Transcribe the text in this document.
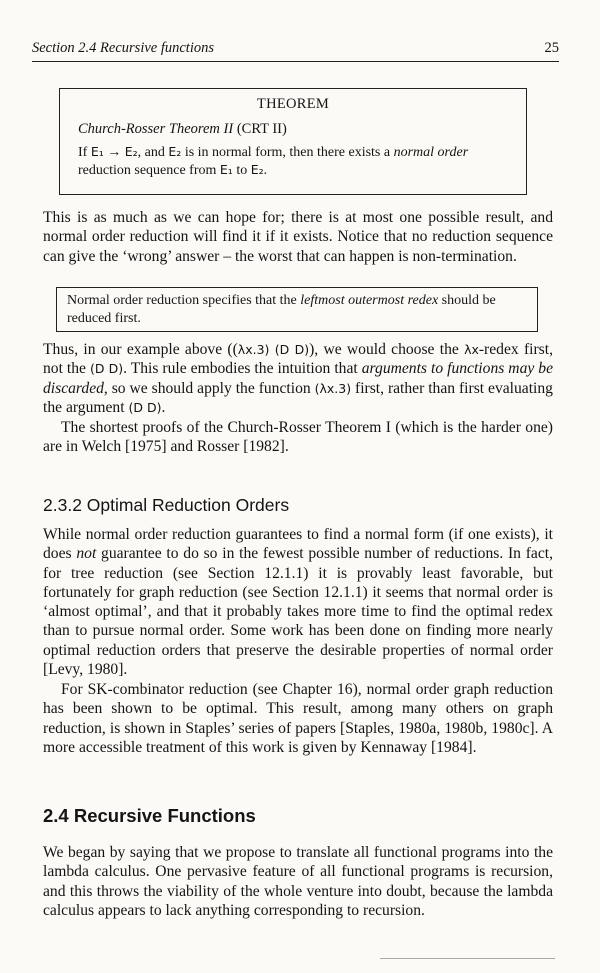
Section 2.4 Recursive functions	25
THEOREM
Church-Rosser Theorem II (CRT II)
If E₁ → E₂, and E₂ is in normal form, then there exists a normal order reduction sequence from E₁ to E₂.
This is as much as we can hope for; there is at most one possible result, and normal order reduction will find it if it exists. Notice that no reduction sequence can give the ‘wrong’ answer – the worst that can happen is non-termination.
Normal order reduction specifies that the leftmost outermost redex should be reduced first.
Thus, in our example above ((λx.3) (D D)), we would choose the λx-redex first, not the (D D). This rule embodies the intuition that arguments to functions may be discarded, so we should apply the function (λx.3) first, rather than first evaluating the argument (D D).
The shortest proofs of the Church-Rosser Theorem I (which is the harder one) are in Welch [1975] and Rosser [1982].
2.3.2 Optimal Reduction Orders
While normal order reduction guarantees to find a normal form (if one exists), it does not guarantee to do so in the fewest possible number of reductions. In fact, for tree reduction (see Section 12.1.1) it is provably least favorable, but fortunately for graph reduction (see Section 12.1.1) it seems that normal order is ‘almost optimal’, and that it probably takes more time to find the optimal redex than to pursue normal order. Some work has been done on finding more nearly optimal reduction orders that preserve the desirable properties of normal order [Levy, 1980].
For SK-combinator reduction (see Chapter 16), normal order graph reduction has been shown to be optimal. This result, among many others on graph reduction, is shown in Staples’ series of papers [Staples, 1980a, 1980b, 1980c]. A more accessible treatment of this work is given by Kennaway [1984].
2.4 Recursive Functions
We began by saying that we propose to translate all functional programs into the lambda calculus. One pervasive feature of all functional programs is recursion, and this throws the viability of the whole venture into doubt, because the lambda calculus appears to lack anything corresponding to recursion.
